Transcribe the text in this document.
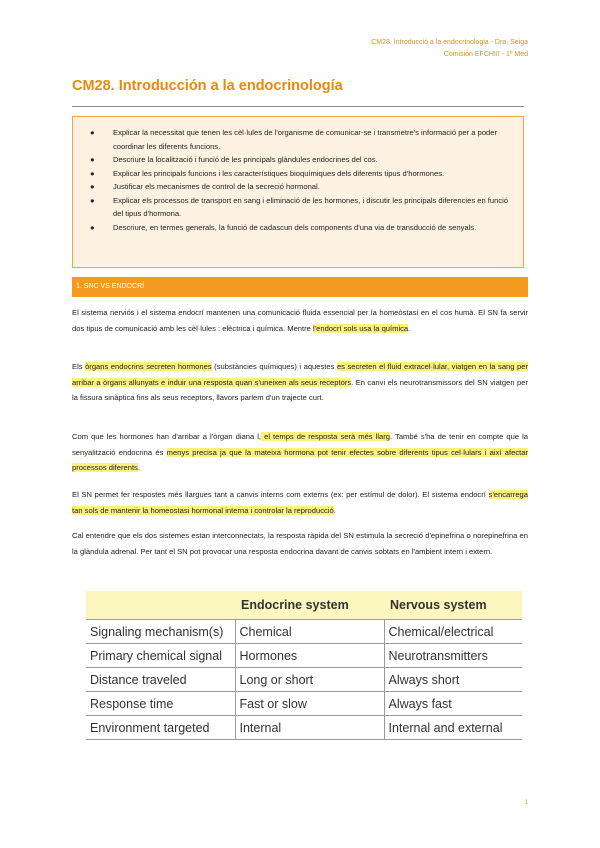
CM28. Introducció a la endocrinologia - Dra. Seiga
Comisión EFCHIII - 1º Med
CM28. Introducción a la endocrinología
● Explicar la necessitat que tenen les cèl·lules de l'organisme de comunicar-se i transmetre's informació per a poder coordinar les diferents funcions.
● Descriure la localització i funció de les principals glàndules endocrines del cos.
● Explicar les principals funcions i les característiques bioquímiques dels diferents tipus d'hormones.
● Justificar els mecanismes de control de la secreció hormonal.
● Explicar els processos de transport en sang i eliminació de les hormones, i discutir les principals diferencies en funció del tipus d'hormona.
● Descriure, en termes generals, la funció de cadascun dels components d'una via de transducció de senyals.
1. SNC VS ENDOCRÍ

El sistema nerviós i el sistema endocrí mantenen una comunicació fluida essencial per la homeòstasi en el cos humà. El SN fa servir dos tipus de comunicació amb les cèl·lules : elèctrica i química. Mentre l'endocrí sols usa la química.

Els òrgans endocrins secreten hormones (substàncies químiques) i aquestes es secreten el fluid extracel·lular, viatgen en la sang per arribar a òrgans allunyats e induir una resposta quan s'uneixen als seus receptors. En canvi els neurotransmissors del SN viatgen per la fissura sinàptica fins als seus receptors, llavors parlem d'un trajecte curt.

Com que les hormones han d'arribar a l'òrgan diana l, el temps de resposta serà més llarg. També s'ha de tenir en compte que la senyalització endocrina és menys precisa ja que la mateixa hormona pot tenir efectes sobre diferents tipus cel·lulars i així afectar processos diferents.

El SN permet fer respostes més llargues tant a canvis interns com externs (ex: per estímul de dolor). El sistema endocrí s'encarrega tan sols de mantenir la homeostasi hormonal interna i controlar la reproducció.

Cal entendre que els dos sistemes estan interconnectats, la resposta ràpida del SN estimula la secreció d'epinefrina o norepinefrina en la glàndula adrenal. Per tant el SN pot provocar una resposta endocrina davant de canvis sobtats en l'ambient intern i extern.

	Endocrine system	Nervous system
Signaling mechanism(s)	Chemical	Chemical/electrical
Primary chemical signal	Hormones	Neurotransmitters
Distance traveled	Long or short	Always short
Response time	Fast or slow	Always fast
Environment targeted	Internal	Internal and external
1
